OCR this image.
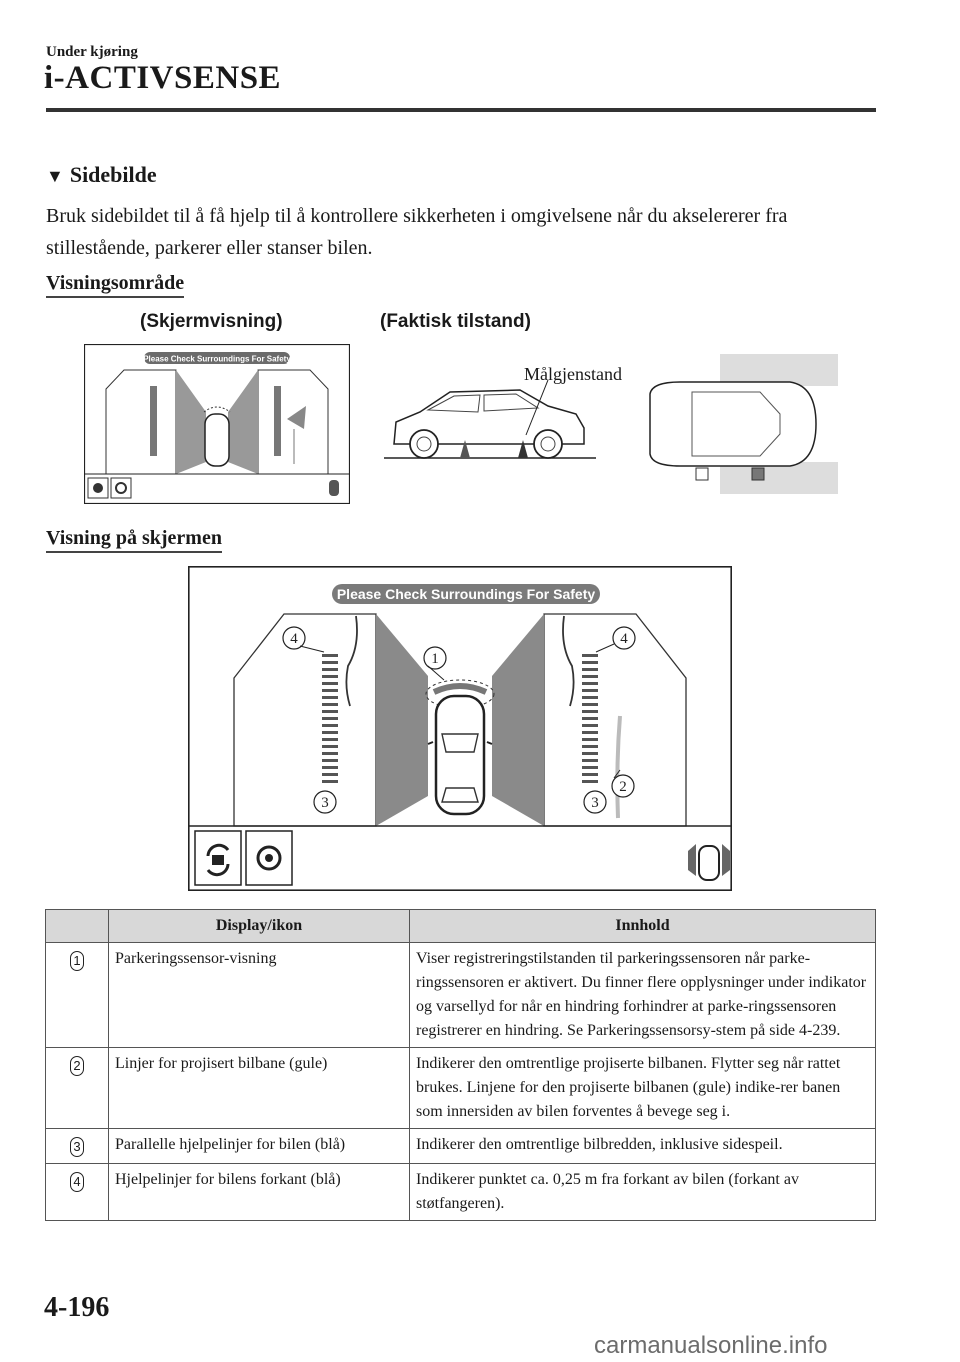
Under kjøring
i-ACTIVSENSE
▼ Sidebilde
Bruk sidebildet til å få hjelp til å kontrollere sikkerheten i omgivelsene når du akselererer fra stillestående, parkerer eller stanser bilen.
Visningsområde
(Skjermvisning)	(Faktisk tilstand)
Please Check Surroundings For Safety
Målgjenstand
Visning på skjermen
Please Check Surroundings For Safety
1
2
3	3
4	4
	Display/ikon	Innhold
1	Parkeringssensor-visning	Viser registreringstilstanden til parkeringssensoren når parke-ringssensoren er aktivert. Du finner flere opplysninger under indikator og varsellyd for når en hindring forhindrer at parke-ringssensoren registrerer en hindring. Se Parkeringssensorsy-stem på side 4-239.
2	Linjer for projisert bilbane (gule)	Indikerer den omtrentlige projiserte bilbanen. Flytter seg når rattet brukes. Linjene for den projiserte bilbanen (gule) indike-rer banen som innersiden av bilen forventes å bevege seg i.
3	Parallelle hjelpelinjer for bilen (blå)	Indikerer den omtrentlige bilbredden, inklusive sidespeil.
4	Hjelpelinjer for bilens forkant (blå)	Indikerer punktet ca. 0,25 m fra forkant av bilen (forkant av støtfangeren).
4-196
carmanualsonline.info
